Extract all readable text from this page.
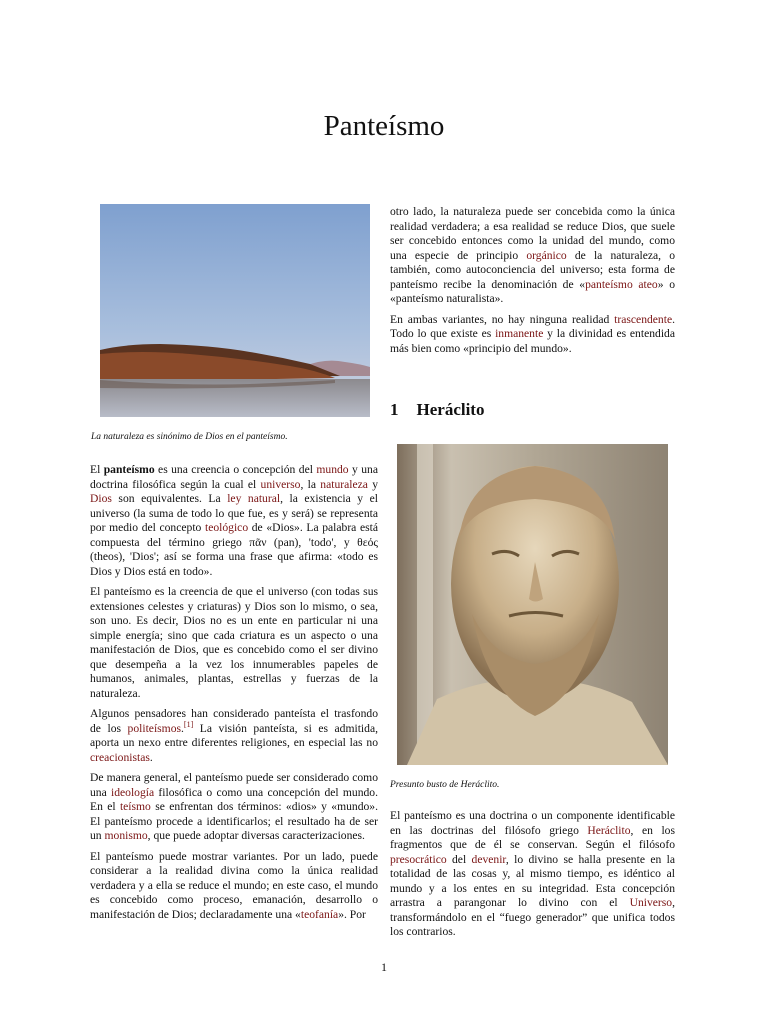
Panteísmo
La naturaleza es sinónimo de Dios en el panteísmo.

El panteísmo es una creencia o concepción del mundo y una doctrina filosófica según la cual el universo, la naturaleza y Dios son equivalentes. La ley natural, la existencia y el universo (la suma de todo lo que fue, es y será) se representa por medio del concepto teológico de «Dios». La palabra está compuesta del término griego πᾶν (pan), 'todo', y θεός (theos), 'Dios'; así se forma una frase que afirma: «todo es Dios y Dios está en todo».

El panteísmo es la creencia de que el universo (con todas sus extensiones celestes y criaturas) y Dios son lo mismo, o sea, son uno. Es decir, Dios no es un ente en particular ni una simple energía; sino que cada criatura es un aspecto o una manifestación de Dios, que es concebido como el ser divino que desempeña a la vez los innumerables papeles de humanos, animales, plantas, estrellas y fuerzas de la naturaleza.

Algunos pensadores han considerado panteísta el trasfondo de los politeísmos.[1] La visión panteísta, si es admitida, aporta un nexo entre diferentes religiones, en especial las no creacionistas.

De manera general, el panteísmo puede ser considerado como una ideología filosófica o como una concepción del mundo. En el teísmo se enfrentan dos términos: «dios» y «mundo». El panteísmo procede a identificarlos; el resultado ha de ser un monismo, que puede adoptar diversas caracterizaciones.

El panteísmo puede mostrar variantes. Por un lado, puede considerar a la realidad divina como la única realidad verdadera y a ella se reduce el mundo; en este caso, el mundo es concebido como proceso, emanación, desarrollo o manifestación de Dios; declaradamente una «teofanía». Por

otro lado, la naturaleza puede ser concebida como la única realidad verdadera; a esa realidad se reduce Dios, que suele ser concebido entonces como la unidad del mundo, como una especie de principio orgánico de la naturaleza, o también, como autoconciencia del universo; esta forma de panteísmo recibe la denominación de «panteísmo ateo» o «panteísmo naturalista».

En ambas variantes, no hay ninguna realidad trascendente. Todo lo que existe es inmanente y la divinidad es entendida más bien como «principio del mundo».

1 Heráclito
Presunto busto de Heráclito.

El panteísmo es una doctrina o un componente identificable en las doctrinas del filósofo griego Heráclito, en los fragmentos que de él se conservan. Según el filósofo presocrático del devenir, lo divino se halla presente en la totalidad de las cosas y, al mismo tiempo, es idéntico al mundo y a los entes en su integridad. Esta concepción arrastra a parangonar lo divino con el Universo, transformándolo en el “fuego generador” que unifica todos los contrarios.

1
